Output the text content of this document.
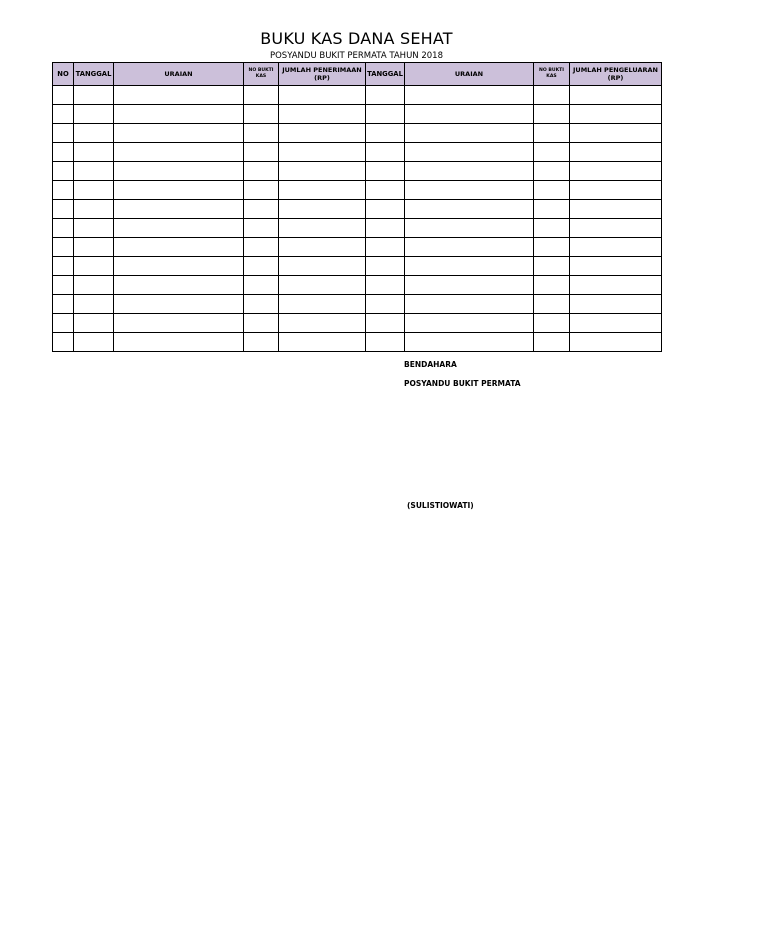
BUKU KAS DANA SEHAT
POSYANDU BUKIT PERMATA TAHUN 2018
NO	TANGGAL	URAIAN	NO BUKTI KAS	JUMLAH PENERIMAAN (RP)	TANGGAL	URAIAN	NO BUKTI KAS	JUMLAH PENGELUARAN (RP)

BENDAHARA
POSYANDU BUKIT PERMATA
(SULISTIOWATI)
